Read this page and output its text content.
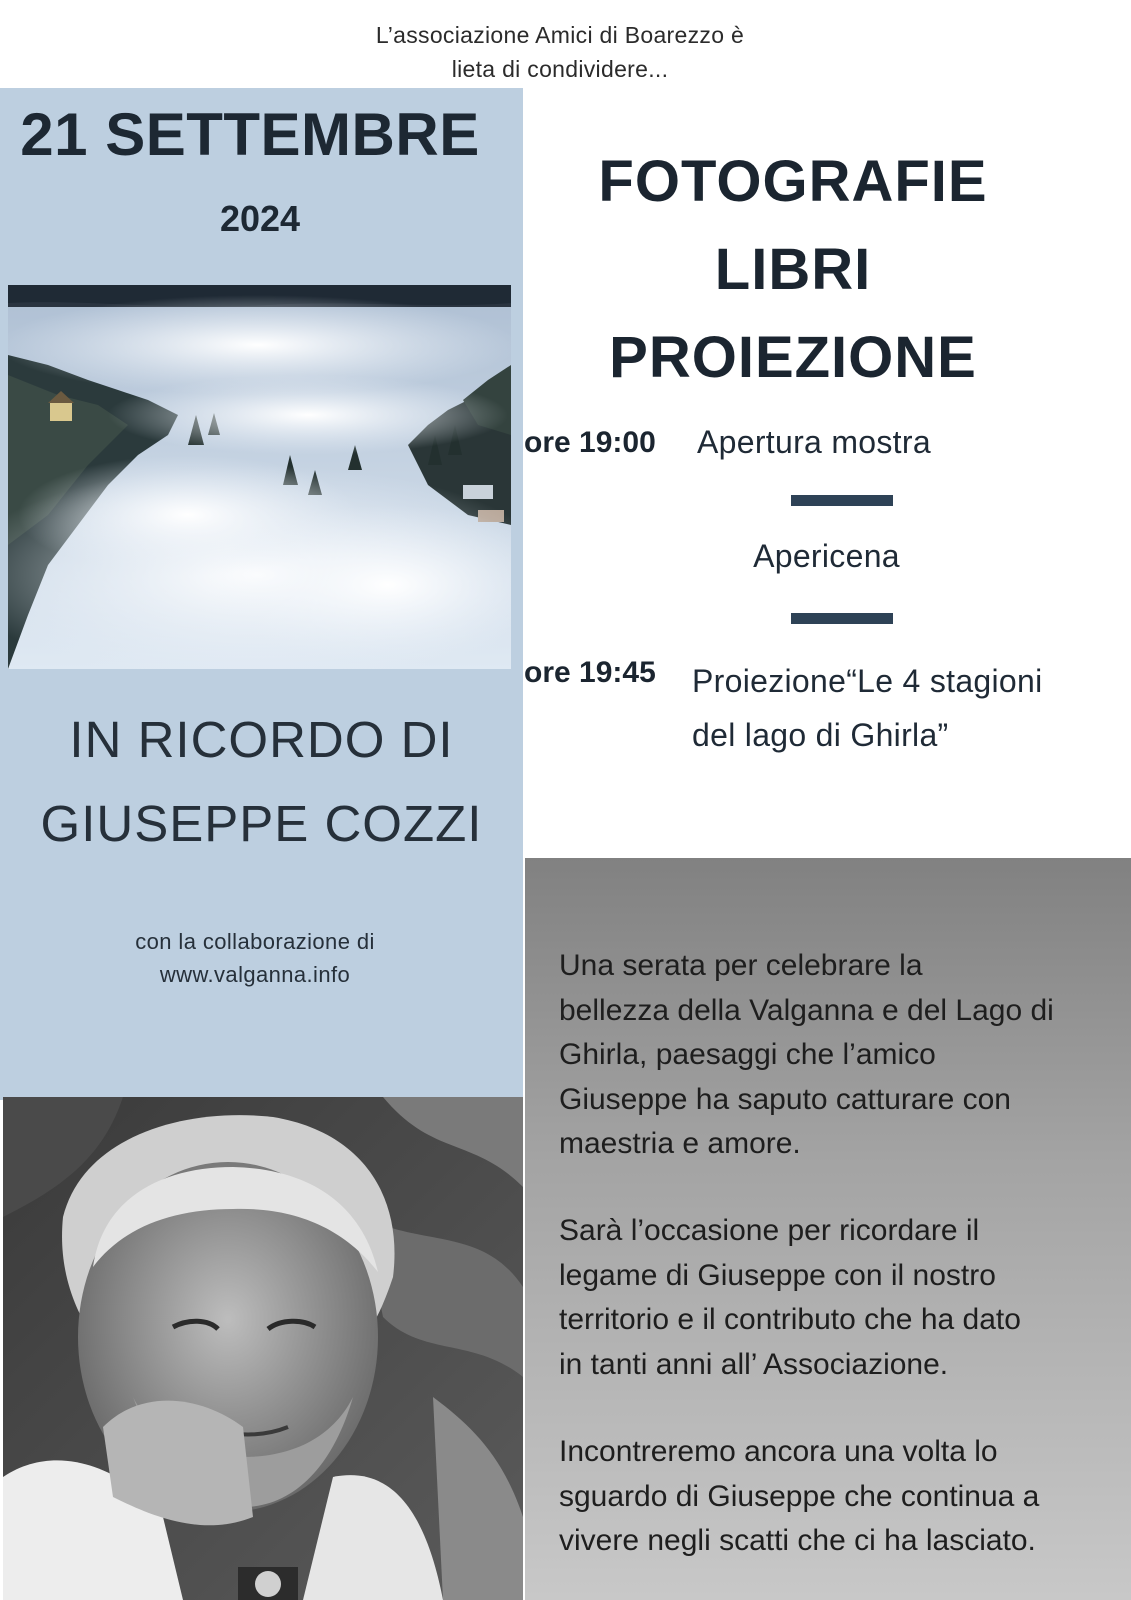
L’associazione Amici di Boarezzo è
lieta di condividere...
21 SETTEMBRE
2024
IN RICORDO DI
GIUSEPPE COZZI
con la collaborazione di
www.valganna.info
FOTOGRAFIE
LIBRI
PROIEZIONE
ore 19:00 Apertura mostra
Apericena
ore 19:45 Proiezione“Le 4 stagioni
del lago di Ghirla”
Una serata per celebrare la
bellezza della Valganna e del Lago di
Ghirla, paesaggi che l’amico
Giuseppe ha saputo catturare con
maestria e amore.
Sarà l’occasione per ricordare il
legame di Giuseppe con il nostro
territorio e il contributo che ha dato
in tanti anni all’ Associazione.
Incontreremo ancora una volta lo
sguardo di Giuseppe che continua a
vivere negli scatti che ci ha lasciato.
